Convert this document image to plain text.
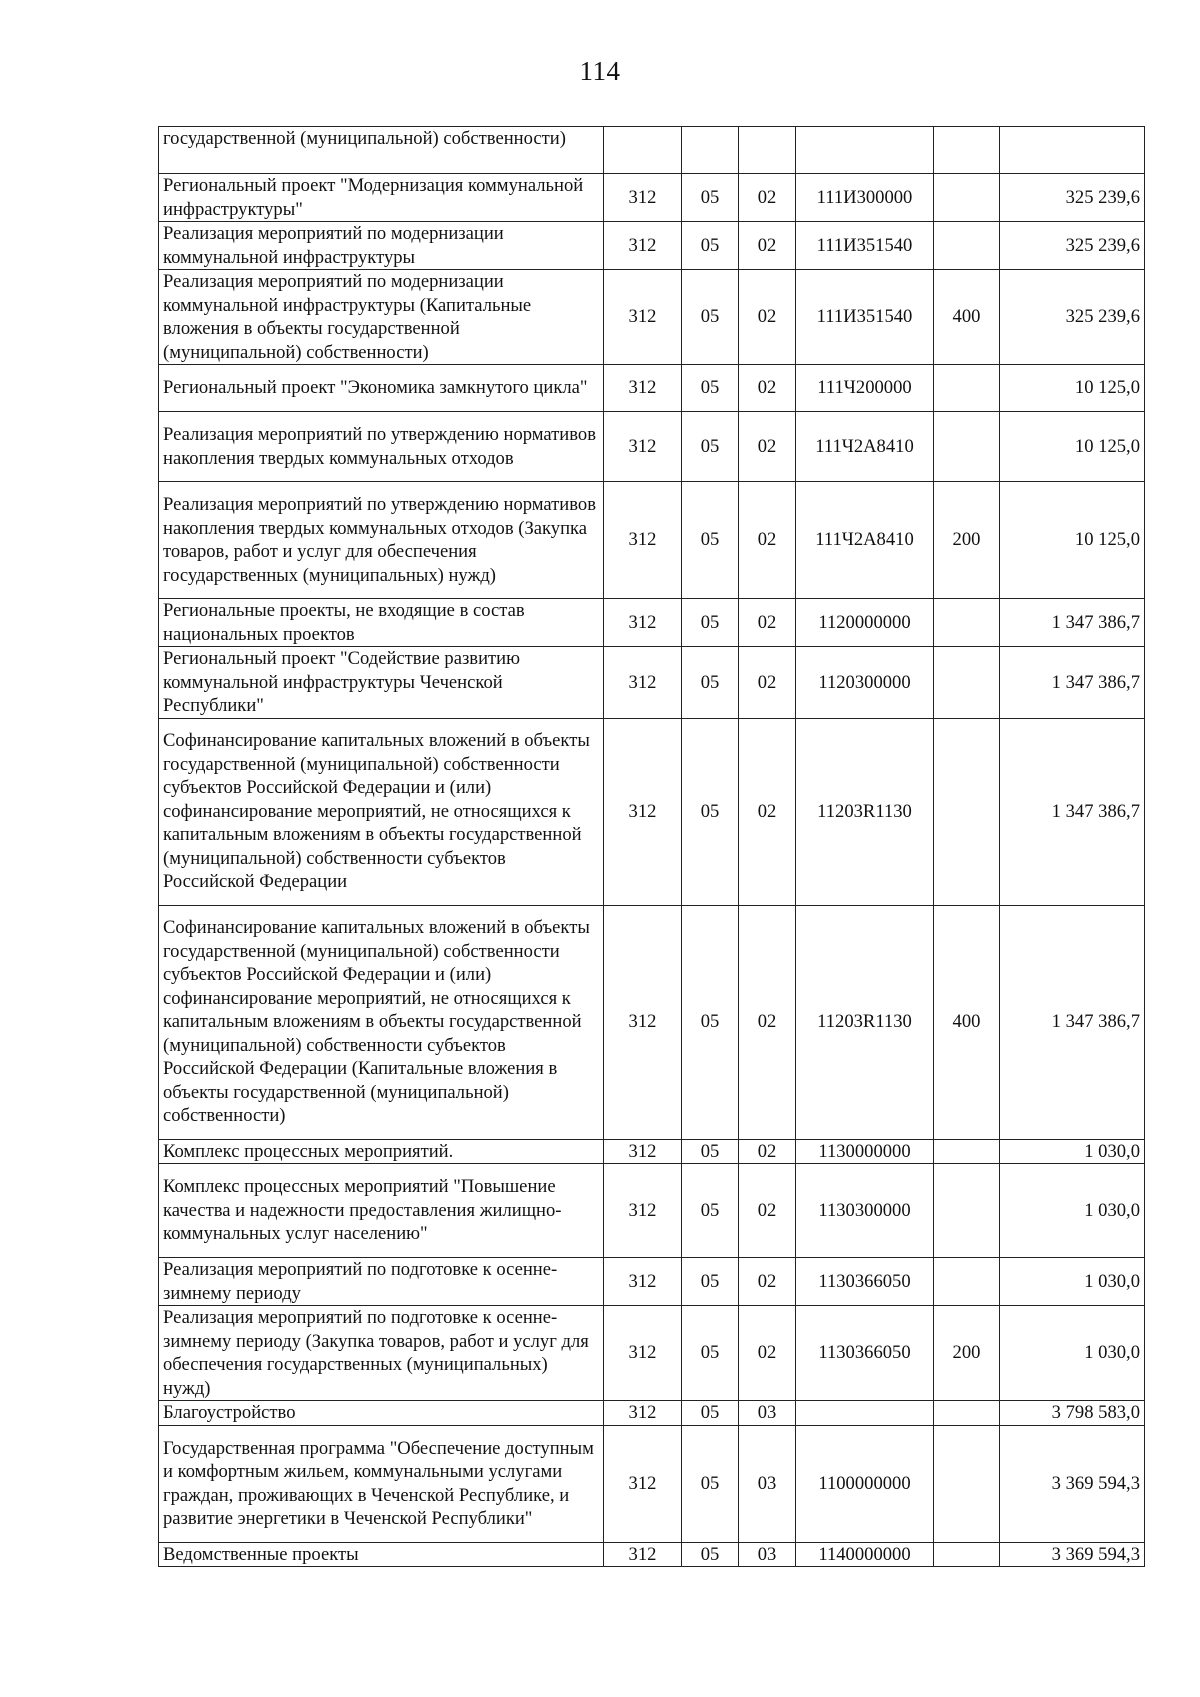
114
государственной (муниципальной) собственности)						
Региональный проект "Модернизация коммунальной инфраструктуры"	312	05	02	111И300000		325 239,6
Реализация мероприятий по модернизации коммунальной инфраструктуры	312	05	02	111И351540		325 239,6
Реализация мероприятий по модернизации коммунальной инфраструктуры (Капитальные вложения в объекты государственной (муниципальной) собственности)	312	05	02	111И351540	400	325 239,6
Региональный проект "Экономика замкнутого цикла"	312	05	02	111Ч200000		10 125,0
Реализация мероприятий по утверждению нормативов накопления твердых коммунальных отходов	312	05	02	111Ч2А8410		10 125,0
Реализация мероприятий по утверждению нормативов накопления твердых коммунальных отходов (Закупка товаров, работ и услуг для обеспечения государственных (муниципальных) нужд)	312	05	02	111Ч2А8410	200	10 125,0
Региональные проекты, не входящие в состав национальных проектов	312	05	02	1120000000		1 347 386,7
Региональный проект "Содействие развитию коммунальной инфраструктуры Чеченской Республики"	312	05	02	1120300000		1 347 386,7
Софинансирование капитальных вложений в объекты государственной (муниципальной) собственности субъектов Российской Федерации и (или) софинансирование мероприятий, не относящихся к капитальным вложениям в объекты государственной (муниципальной) собственности субъектов Российской Федерации	312	05	02	11203R1130		1 347 386,7
Софинансирование капитальных вложений в объекты государственной (муниципальной) собственности субъектов Российской Федерации и (или) софинансирование мероприятий, не относящихся к капитальным вложениям в объекты государственной (муниципальной) собственности субъектов Российской Федерации (Капитальные вложения в объекты государственной (муниципальной) собственности)	312	05	02	11203R1130	400	1 347 386,7
Комплекс процессных мероприятий.	312	05	02	1130000000		1 030,0
Комплекс процессных мероприятий "Повышение качества и надежности предоставления жилищно-коммунальных услуг населению"	312	05	02	1130300000		1 030,0
Реализация мероприятий по подготовке к осенне-зимнему периоду	312	05	02	1130366050		1 030,0
Реализация мероприятий по подготовке к осенне-зимнему периоду (Закупка товаров, работ и услуг для обеспечения государственных (муниципальных) нужд)	312	05	02	1130366050	200	1 030,0
Благоустройство	312	05	03			3 798 583,0
Государственная программа "Обеспечение доступным и комфортным жильем, коммунальными услугами граждан, проживающих в Чеченской Республике, и развитие энергетики в Чеченской Республики"	312	05	03	1100000000		3 369 594,3
Ведомственные проекты	312	05	03	1140000000		3 369 594,3
